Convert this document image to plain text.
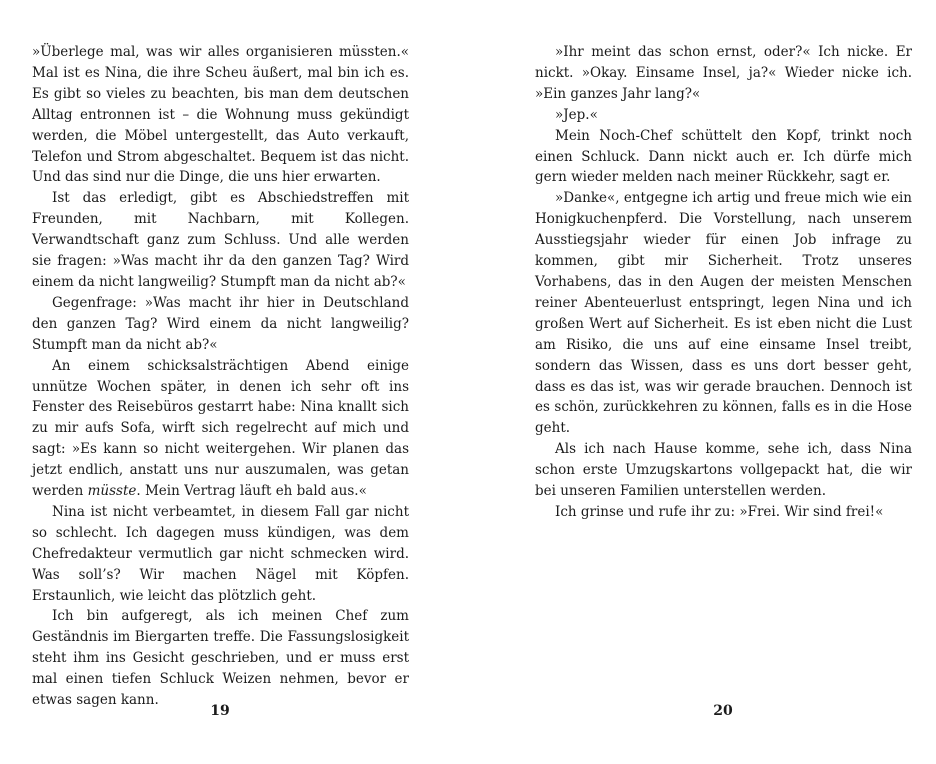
»Überlege mal, was wir alles organisieren müssten.« Mal ist es Nina, die ihre Scheu äußert, mal bin ich es. Es gibt so vieles zu beachten, bis man dem deutschen Alltag entronnen ist – die Wohnung muss gekündigt werden, die Möbel untergestellt, das Auto verkauft, Telefon und Strom abgeschaltet. Bequem ist das nicht. Und das sind nur die Dinge, die uns hier erwarten.

Ist das erledigt, gibt es Abschiedstreffen mit Freunden, mit Nachbarn, mit Kollegen. Verwandtschaft ganz zum Schluss. Und alle werden sie fragen: »Was macht ihr da den ganzen Tag? Wird einem da nicht langweilig? Stumpft man da nicht ab?«

Gegenfrage: »Was macht ihr hier in Deutschland den ganzen Tag? Wird einem da nicht langweilig? Stumpft man da nicht ab?«

An einem schicksalsträchtigen Abend einige unnütze Wochen später, in denen ich sehr oft ins Fenster des Reisebüros gestarrt habe: Nina knallt sich zu mir aufs Sofa, wirft sich regelrecht auf mich und sagt: »Es kann so nicht weitergehen. Wir planen das jetzt endlich, anstatt uns nur auszumalen, was getan werden müsste. Mein Vertrag läuft eh bald aus.«

Nina ist nicht verbeamtet, in diesem Fall gar nicht so schlecht. Ich dagegen muss kündigen, was dem Chefredakteur vermutlich gar nicht schmecken wird. Was soll’s? Wir machen Nägel mit Köpfen. Erstaunlich, wie leicht das plötzlich geht.

Ich bin aufgeregt, als ich meinen Chef zum Geständnis im Biergarten treffe. Die Fassungslosigkeit steht ihm ins Gesicht geschrieben, und er muss erst mal einen tiefen Schluck Weizen nehmen, bevor er etwas sagen kann.

19

»Ihr meint das schon ernst, oder?« Ich nicke. Er nickt. »Okay. Einsame Insel, ja?« Wieder nicke ich. »Ein ganzes Jahr lang?«

»Jep.«

Mein Noch-Chef schüttelt den Kopf, trinkt noch einen Schluck. Dann nickt auch er. Ich dürfe mich gern wieder melden nach meiner Rückkehr, sagt er.

»Danke«, entgegne ich artig und freue mich wie ein Honigkuchenpferd. Die Vorstellung, nach unserem Ausstiegsjahr wieder für einen Job infrage zu kommen, gibt mir Sicherheit. Trotz unseres Vorhabens, das in den Augen der meisten Menschen reiner Abenteuerlust entspringt, legen Nina und ich großen Wert auf Sicherheit. Es ist eben nicht die Lust am Risiko, die uns auf eine einsame Insel treibt, sondern das Wissen, dass es uns dort besser geht, dass es das ist, was wir gerade brauchen. Dennoch ist es schön, zurückkehren zu können, falls es in die Hose geht.

Als ich nach Hause komme, sehe ich, dass Nina schon erste Umzugskartons vollgepackt hat, die wir bei unseren Familien unterstellen werden.

Ich grinse und rufe ihr zu: »Frei. Wir sind frei!«

20
